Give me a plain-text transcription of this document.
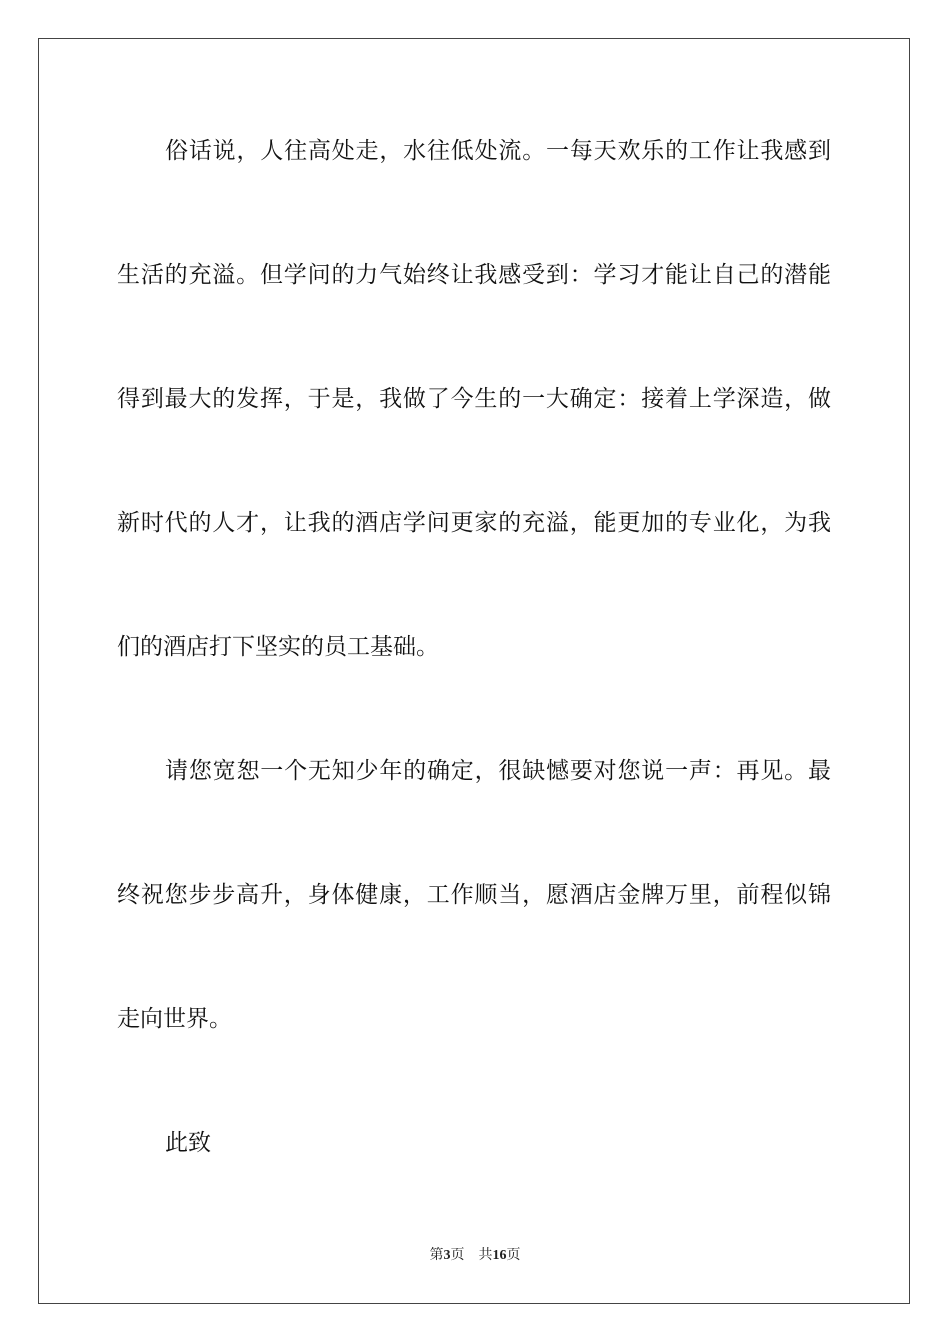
俗话说，人往高处走，水往低处流。一每天欢乐的工作让我感到
生活的充溢。但学问的力气始终让我感受到：学习才能让自己的潜能
得到最大的发挥，于是，我做了今生的一大确定：接着上学深造，做
新时代的人才，让我的酒店学问更家的充溢，能更加的专业化，为我
们的酒店打下坚实的员工基础。
请您宽恕一个无知少年的确定，很缺憾要对您说一声：再见。最
终祝您步步高升，身体健康，工作顺当，愿酒店金牌万里，前程似锦
走向世界。
此致
第3页 共16页
